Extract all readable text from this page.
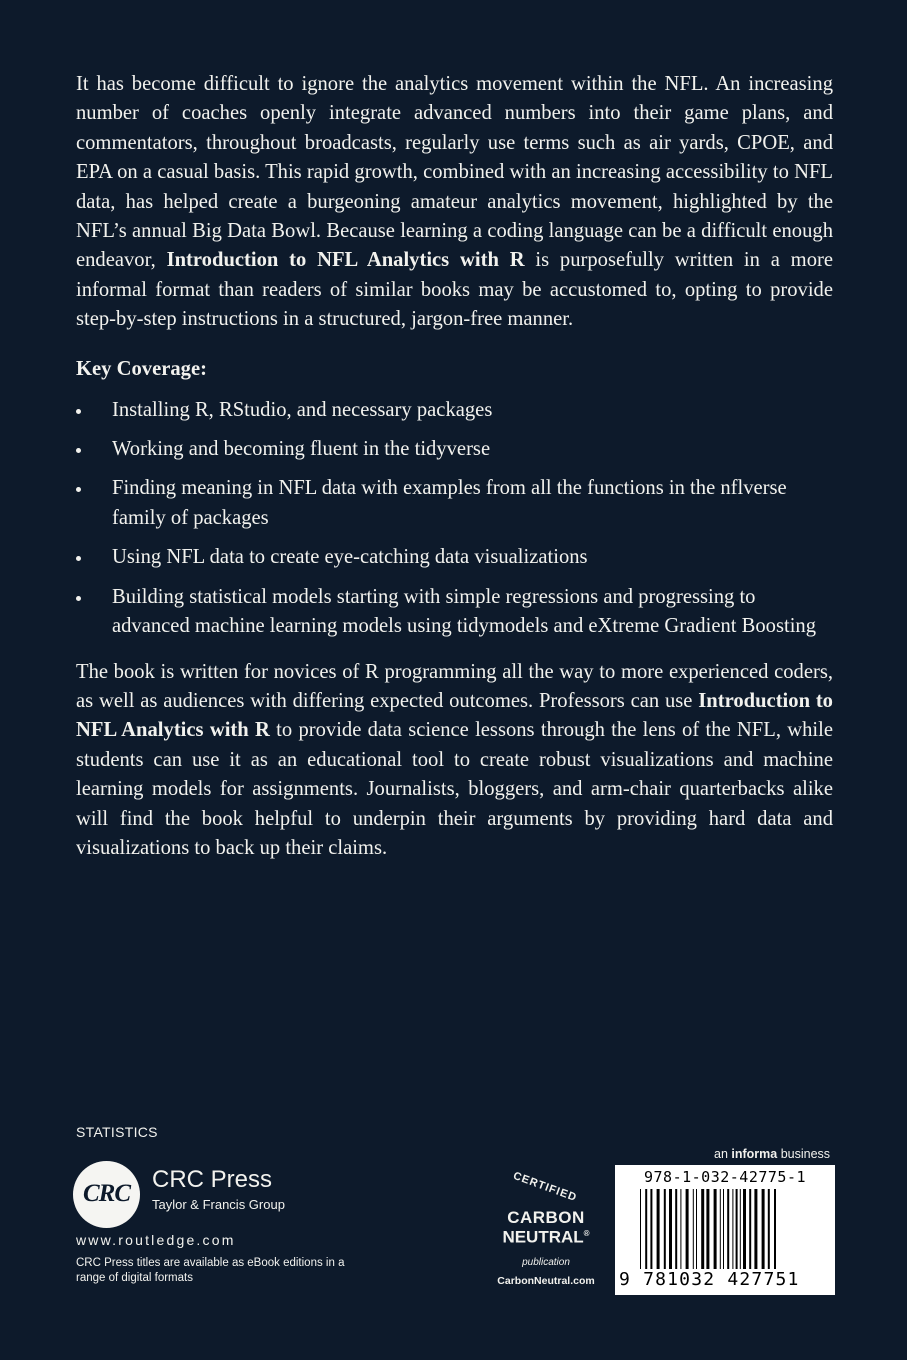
It has become difficult to ignore the analytics movement within the NFL. An increasing number of coaches openly integrate advanced numbers into their game plans, and commentators, throughout broadcasts, regularly use terms such as air yards, CPOE, and EPA on a casual basis. This rapid growth, combined with an increasing accessibility to NFL data, has helped create a burgeoning amateur analytics movement, highlighted by the NFL’s annual Big Data Bowl. Because learning a coding language can be a difficult enough endeavor, Introduction to NFL Analytics with R is purposefully written in a more informal format than readers of similar books may be accustomed to, opting to provide step-by-step instructions in a structured, jargon-free manner.

Key Coverage:
Installing R, RStudio, and necessary packages
Working and becoming fluent in the tidyverse
Finding meaning in NFL data with examples from all the functions in the nflverse family of packages
Using NFL data to create eye-catching data visualizations
Building statistical models starting with simple regressions and progressing to advanced machine learning models using tidymodels and eXtreme Gradient Boosting

The book is written for novices of R programming all the way to more experienced coders, as well as audiences with differing expected outcomes. Professors can use Introduction to NFL Analytics with R to provide data science lessons through the lens of the NFL, while students can use it as an educational tool to create robust visualizations and machine learning models for assignments. Journalists, bloggers, and arm-chair quarterbacks alike will find the book helpful to underpin their arguments by providing hard data and visualizations to back up their claims.

STATISTICS
CRC
CRC Press
Taylor & Francis Group
www.routledge.com
CRC Press titles are available as eBook editions in a range of digital formats
CERTIFIED
CARBON
NEUTRAL®
publication
CarbonNeutral.com
an informa business
978-1-032-42775-1
9 781032 427751
